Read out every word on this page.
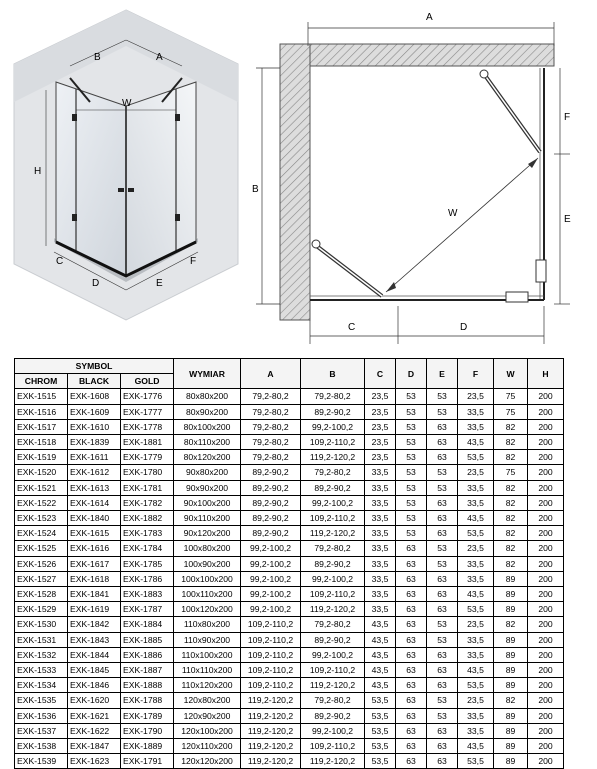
B	A
W
H
C
D	E
F
A
B
F
E
W
C	D
SYMBOL			WYMIAR	A	B	C	D	E	F	W	H
CHROM	BLACK	GOLD									
EXK-1515	EXK-1608	EXK-1776	80x80x200	79,2-80,2	79,2-80,2	23,5	53	53	23,5	75	200
EXK-1516	EXK-1609	EXK-1777	80x90x200	79,2-80,2	89,2-90,2	23,5	53	53	33,5	75	200
EXK-1517	EXK-1610	EXK-1778	80x100x200	79,2-80,2	99,2-100,2	23,5	53	63	33,5	82	200
EXK-1518	EXK-1839	EXK-1881	80x110x200	79,2-80,2	109,2-110,2	23,5	53	63	43,5	82	200
EXK-1519	EXK-1611	EXK-1779	80x120x200	79,2-80,2	119,2-120,2	23,5	53	63	53,5	82	200
EXK-1520	EXK-1612	EXK-1780	90x80x200	89,2-90,2	79,2-80,2	33,5	53	53	23,5	75	200
EXK-1521	EXK-1613	EXK-1781	90x90x200	89,2-90,2	89,2-90,2	33,5	53	53	33,5	82	200
EXK-1522	EXK-1614	EXK-1782	90x100x200	89,2-90,2	99,2-100,2	33,5	53	63	33,5	82	200
EXK-1523	EXK-1840	EXK-1882	90x110x200	89,2-90,2	109,2-110,2	33,5	53	63	43,5	82	200
EXK-1524	EXK-1615	EXK-1783	90x120x200	89,2-90,2	119,2-120,2	33,5	53	63	53,5	82	200
EXK-1525	EXK-1616	EXK-1784	100x80x200	99,2-100,2	79,2-80,2	33,5	63	53	23,5	82	200
EXK-1526	EXK-1617	EXK-1785	100x90x200	99,2-100,2	89,2-90,2	33,5	63	53	33,5	82	200
EXK-1527	EXK-1618	EXK-1786	100x100x200	99,2-100,2	99,2-100,2	33,5	63	63	33,5	89	200
EXK-1528	EXK-1841	EXK-1883	100x110x200	99,2-100,2	109,2-110,2	33,5	63	63	43,5	89	200
EXK-1529	EXK-1619	EXK-1787	100x120x200	99,2-100,2	119,2-120,2	33,5	63	63	53,5	89	200
EXK-1530	EXK-1842	EXK-1884	110x80x200	109,2-110,2	79,2-80,2	43,5	63	53	23,5	82	200
EXK-1531	EXK-1843	EXK-1885	110x90x200	109,2-110,2	89,2-90,2	43,5	63	53	33,5	89	200
EXK-1532	EXK-1844	EXK-1886	110x100x200	109,2-110,2	99,2-100,2	43,5	63	63	33,5	89	200
EXK-1533	EXK-1845	EXK-1887	110x110x200	109,2-110,2	109,2-110,2	43,5	63	63	43,5	89	200
EXK-1534	EXK-1846	EXK-1888	110x120x200	109,2-110,2	119,2-120,2	43,5	63	63	53,5	89	200
EXK-1535	EXK-1620	EXK-1788	120x80x200	119,2-120,2	79,2-80,2	53,5	63	53	23,5	82	200
EXK-1536	EXK-1621	EXK-1789	120x90x200	119,2-120,2	89,2-90,2	53,5	63	53	33,5	89	200
EXK-1537	EXK-1622	EXK-1790	120x100x200	119,2-120,2	99,2-100,2	53,5	63	63	33,5	89	200
EXK-1538	EXK-1847	EXK-1889	120x110x200	119,2-120,2	109,2-110,2	53,5	63	63	43,5	89	200
EXK-1539	EXK-1623	EXK-1791	120x120x200	119,2-120,2	119,2-120,2	53,5	63	63	53,5	89	200
